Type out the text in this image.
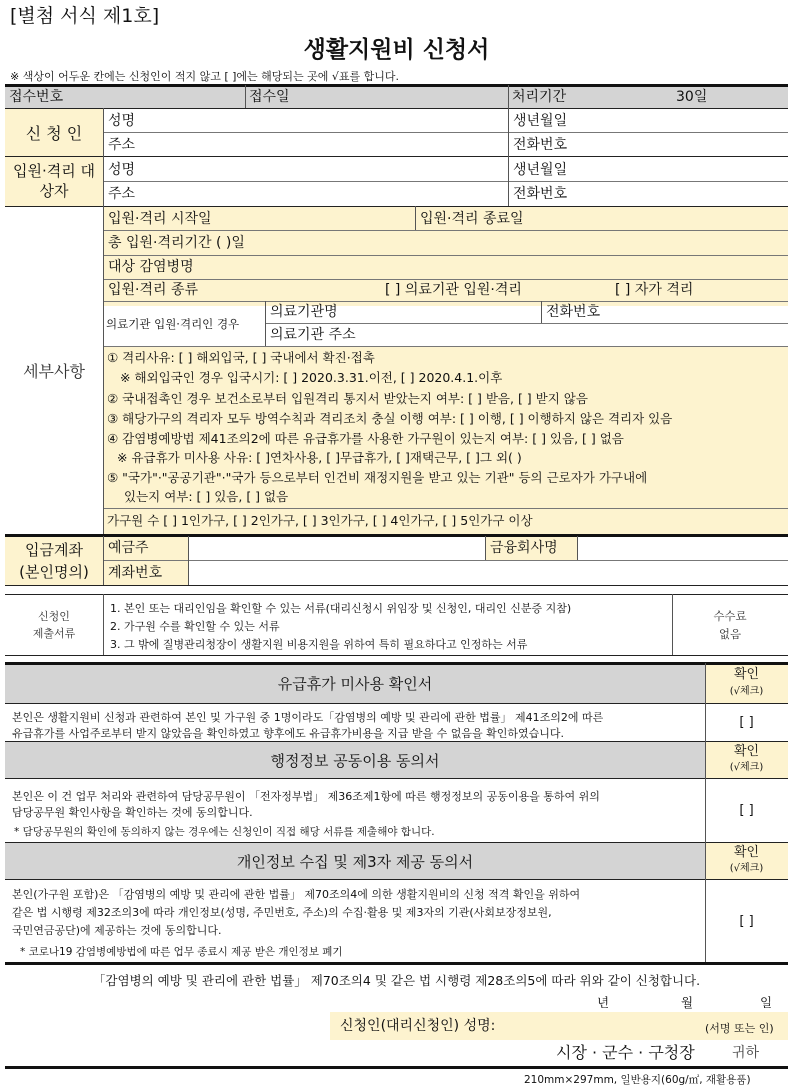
[별첨 서식 제1호]
생활지원비 신청서
※ 색상이 어두운 칸에는 신청인이 적지 않고 [ ]에는 해당되는 곳에 √표를 합니다.
접수번호	접수일	처리기간	30일
신 청 인
성명	생년월일
주소	전화번호
입원·격리 대상자
성명	생년월일
주소	전화번호
세부사항
입원·격리 시작일	입원·격리 종료일
총 입원·격리기간 ( )일
대상 감염병명
입원·격리 종류	[ ] 의료기관 입원·격리	[ ] 자가 격리
의료기관 입원·격리인 경우
의료기관명	전화번호
의료기관 주소
① 격리사유: [ ] 해외입국, [ ] 국내에서 확진·접촉
※ 해외입국인 경우 입국시기: [ ] 2020.3.31.이전, [ ] 2020.4.1.이후
② 국내접촉인 경우 보건소로부터 입원격리 통지서 받았는지 여부: [ ] 받음, [ ] 받지 않음
③ 해당가구의 격리자 모두 방역수칙과 격리조치 충실 이행 여부: [ ] 이행, [ ] 이행하지 않은 격리자 있음
④ 감염병예방법 제41조의2에 따른 유급휴가를 사용한 가구원이 있는지 여부: [ ] 있음, [ ] 없음
※ 유급휴가 미사용 사유: [ ]연차사용, [ ]무급휴가, [ ]재택근무, [ ]그 외( )
⑤ "국가"·"공공기관"·"국가 등으로부터 인건비 재정지원을 받고 있는 기관" 등의 근로자가 가구내에
있는지 여부: [ ] 있음, [ ] 없음
가구원 수 [ ] 1인가구, [ ] 2인가구, [ ] 3인가구, [ ] 4인가구, [ ] 5인가구 이상
입금계좌
(본인명의)
예금주	금융회사명
계좌번호
신청인
제출서류
1. 본인 또는 대리인임을 확인할 수 있는 서류(대리신청시 위임장 및 신청인, 대리인 신분증 지참)
2. 가구원 수를 확인할 수 있는 서류
3. 그 밖에 질병관리청장이 생활지원 비용지원을 위하여 특히 필요하다고 인정하는 서류
수수료
없음
유급휴가 미사용 확인서	확인
(√체크)
본인은 생활지원비 신청과 관련하여 본인 및 가구원 중 1명이라도「감염병의 예방 및 관리에 관한 법률」 제41조의2에 따른
유급휴가를 사업주로부터 받지 않았음을 확인하였고 향후에도 유급휴가비용을 지급 받을 수 없음을 확인하였습니다.
[ ]
행정정보 공동이용 동의서	확인
(√체크)
본인은 이 건 업무 처리와 관련하여 담당공무원이 「전자정부법」 제36조제1항에 따른 행정정보의 공동이용을 통하여 위의
담당공무원 확인사항을 확인하는 것에 동의합니다.
* 담당공무원의 확인에 동의하지 않는 경우에는 신청인이 직접 해당 서류를 제출해야 합니다.
[ ]
개인정보 수집 및 제3자 제공 동의서	확인
(√체크)
본인(가구원 포함)은 「감염병의 예방 및 관리에 관한 법률」 제70조의4에 의한 생활지원비의 신청 적격 확인을 위하여
같은 법 시행령 제32조의3에 따라 개인정보(성명, 주민번호, 주소)의 수집·활용 및 제3자의 기관(사회보장정보원,
국민연금공단)에 제공하는 것에 동의합니다.
* 코로나19 감염병예방법에 따른 업무 종료시 제공 받은 개인정보 폐기
[ ]
「감염병의 예방 및 관리에 관한 법률」 제70조의4 및 같은 법 시행령 제28조의5에 따라 위와 같이 신청합니다.
년	월	일
신청인(대리신청인) 성명:	(서명 또는 인)
시장 · 군수 · 구청장	귀하
210mm×297mm, 일반용지(60g/㎡, 재활용품)
